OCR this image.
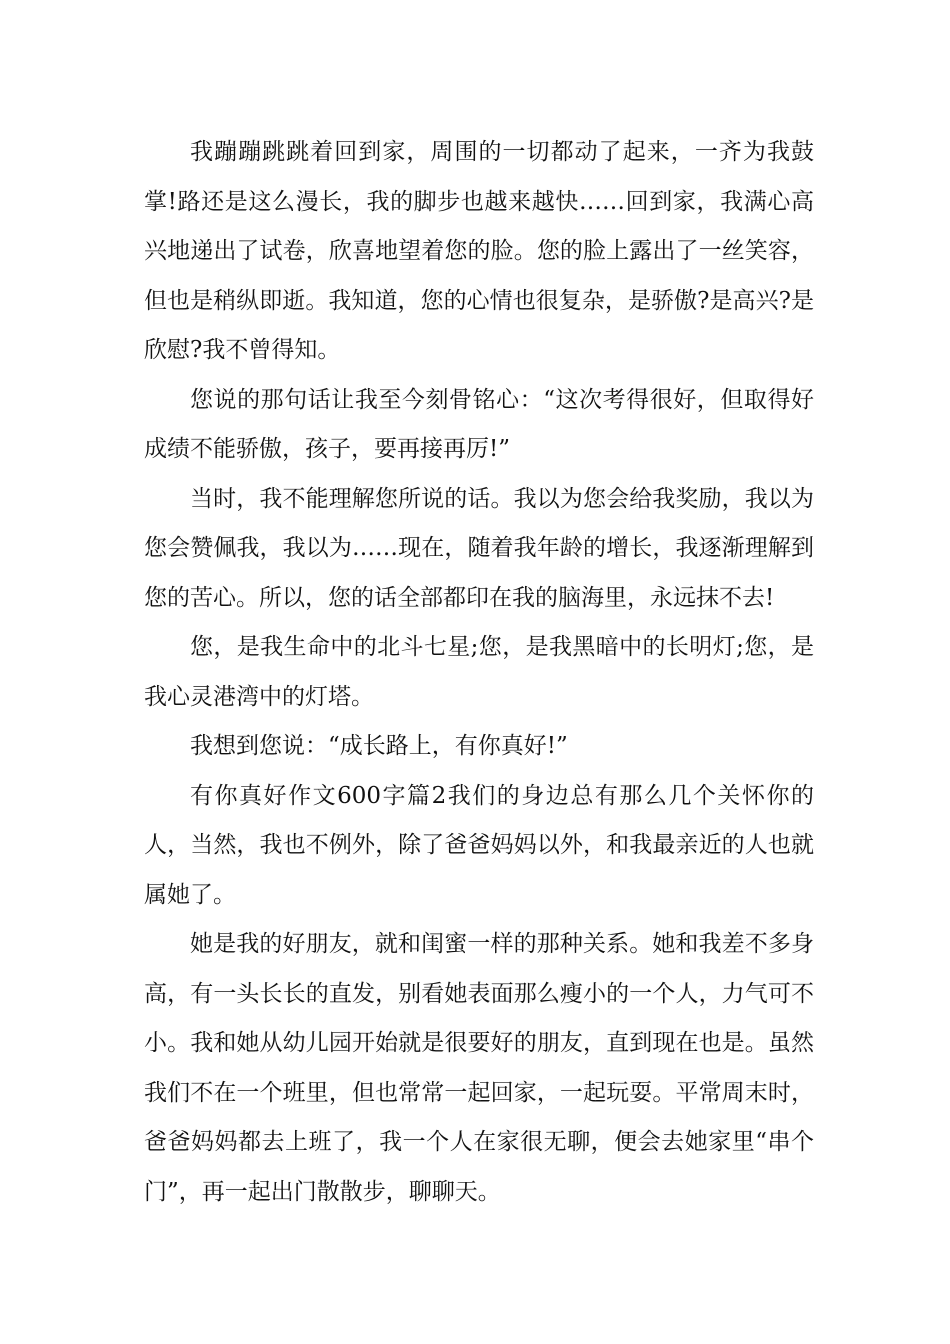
我蹦蹦跳跳着回到家，周围的一切都动了起来，一齐为我鼓掌!路还是这么漫长，我的脚步也越来越快……回到家，我满心高兴地递出了试卷，欣喜地望着您的脸。您的脸上露出了一丝笑容，但也是稍纵即逝。我知道，您的心情也很复杂，是骄傲?是高兴?是欣慰?我不曾得知。

您说的那句话让我至今刻骨铭心：“这次考得很好，但取得好成绩不能骄傲，孩子，要再接再厉!”

当时，我不能理解您所说的话。我以为您会给我奖励，我以为您会赞佩我，我以为……现在，随着我年龄的增长，我逐渐理解到您的苦心。所以，您的话全部都印在我的脑海里，永远抹不去!

您，是我生命中的北斗七星;您，是我黑暗中的长明灯;您，是我心灵港湾中的灯塔。

我想到您说：“成长路上，有你真好!”

有你真好作文600字篇2我们的身边总有那么几个关怀你的人，当然，我也不例外，除了爸爸妈妈以外，和我最亲近的人也就属她了。

她是我的好朋友，就和闺蜜一样的那种关系。她和我差不多身高，有一头长长的直发，别看她表面那么瘦小的一个人，力气可不小。我和她从幼儿园开始就是很要好的朋友，直到现在也是。虽然我们不在一个班里，但也常常一起回家，一起玩耍。平常周末时，爸爸妈妈都去上班了，我一个人在家很无聊，便会去她家里“串个门”，再一起出门散散步，聊聊天。
